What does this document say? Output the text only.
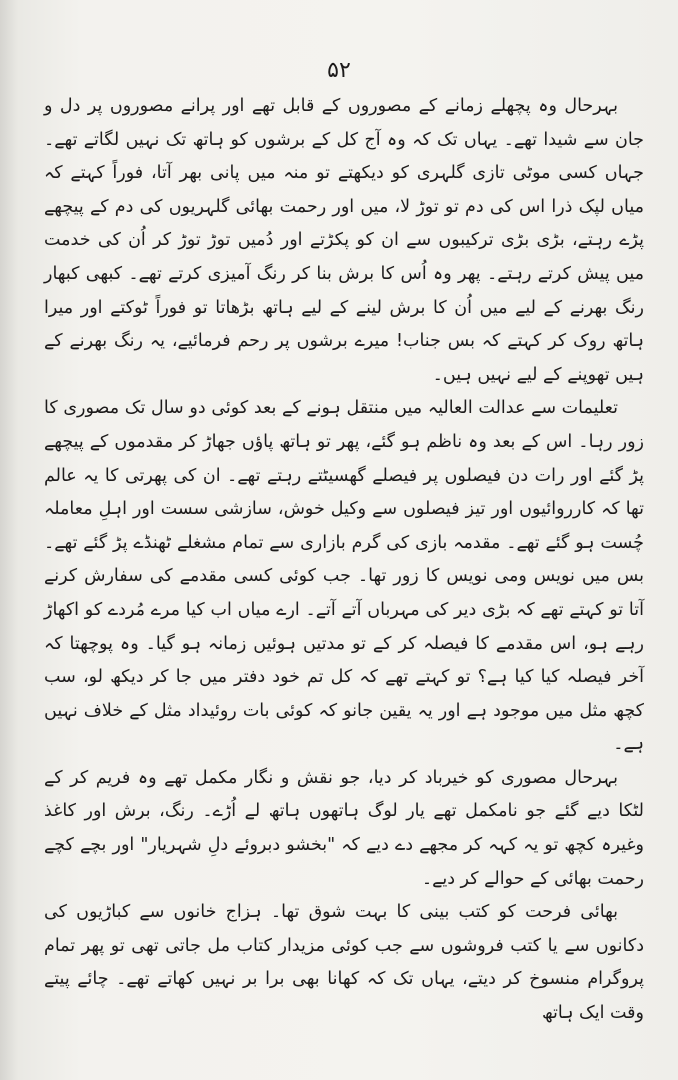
۵۲

بہرحال وہ پچھلے زمانے کے مصوروں کے قابل تھے اور پرانے مصوروں پر دل و جان سے شیدا تھے۔ یہاں تک کہ وہ آج کل کے برشوں کو ہاتھ تک نہیں لگاتے تھے۔ جہاں کسی موٹی تازی گلہری کو دیکھتے تو منہ میں پانی بھر آتا، فوراً کہتے کہ میاں لپک ذرا اس کی دم تو توڑ لا، میں اور رحمت بھائی گلہریوں کی دم کے پیچھے پڑے رہتے، بڑی بڑی ترکیبوں سے ان کو پکڑتے اور دُمیں توڑ توڑ کر اُن کی خدمت میں پیش کرتے رہتے۔ پھر وہ اُس کا برش بنا کر رنگ آمیزی کرتے تھے۔ کبھی کبھار رنگ بھرنے کے لیے میں اُن کا برش لینے کے لیے ہاتھ بڑھاتا تو فوراً ٹوکتے اور میرا ہاتھ روک کر کہتے کہ بس جناب! میرے برشوں پر رحم فرمائیے، یہ رنگ بھرنے کے ہیں تھوپنے کے لیے نہیں ہیں۔

تعلیمات سے عدالت العالیہ میں منتقل ہونے کے بعد کوئی دو سال تک مصوری کا زور رہا۔ اس کے بعد وہ ناظم ہو گئے، پھر تو ہاتھ پاؤں جھاڑ کر مقدموں کے پیچھے پڑ گئے اور رات دن فیصلوں پر فیصلے گھسیٹتے رہتے تھے۔ ان کی پھرتی کا یہ عالم تھا کہ کارروائیوں اور تیز فیصلوں سے وکیل خوش، سازشی سست اور اہلِ معاملہ چُست ہو گئے تھے۔ مقدمہ بازی کی گرم بازاری سے تمام مشغلے ٹھنڈے پڑ گئے تھے۔ بس میں نویس ومی نویس کا زور تھا۔ جب کوئی کسی مقدمے کی سفارش کرنے آتا تو کہتے تھے کہ بڑی دیر کی مہرباں آتے آتے۔ ارے میاں اب کیا مرے مُردے کو اکھاڑ رہے ہو، اس مقدمے کا فیصلہ کر کے تو مدتیں ہوئیں زمانہ ہو گیا۔ وہ پوچھتا کہ آخر فیصلہ کیا کیا ہے؟ تو کہتے تھے کہ کل تم خود دفتر میں جا کر دیکھ لو، سب کچھ مثل میں موجود ہے اور یہ یقین جانو کہ کوئی بات روئیداد مثل کے خلاف نہیں ہے۔

بہرحال مصوری کو خیرباد کر دیا، جو نقش و نگار مکمل تھے وہ فریم کر کے لٹکا دیے گئے جو نامکمل تھے یار لوگ ہاتھوں ہاتھ لے اُڑے۔ رنگ، برش اور کاغذ وغیرہ کچھ تو یہ کہہ کر مجھے دے دیے کہ "بخشو دبروئے دلِ شہریار" اور بچے کچے رحمت بھائی کے حوالے کر دیے۔

بھائی فرحت کو کتب بینی کا بہت شوق تھا۔ ہزاج خانوں سے کباڑیوں کی دکانوں سے یا کتب فروشوں سے جب کوئی مزیدار کتاب مل جاتی تھی تو پھر تمام پروگرام منسوخ کر دیتے، یہاں تک کہ کھانا بھی برا بر نہیں کھاتے تھے۔ چائے پیتے وقت ایک ہاتھ
